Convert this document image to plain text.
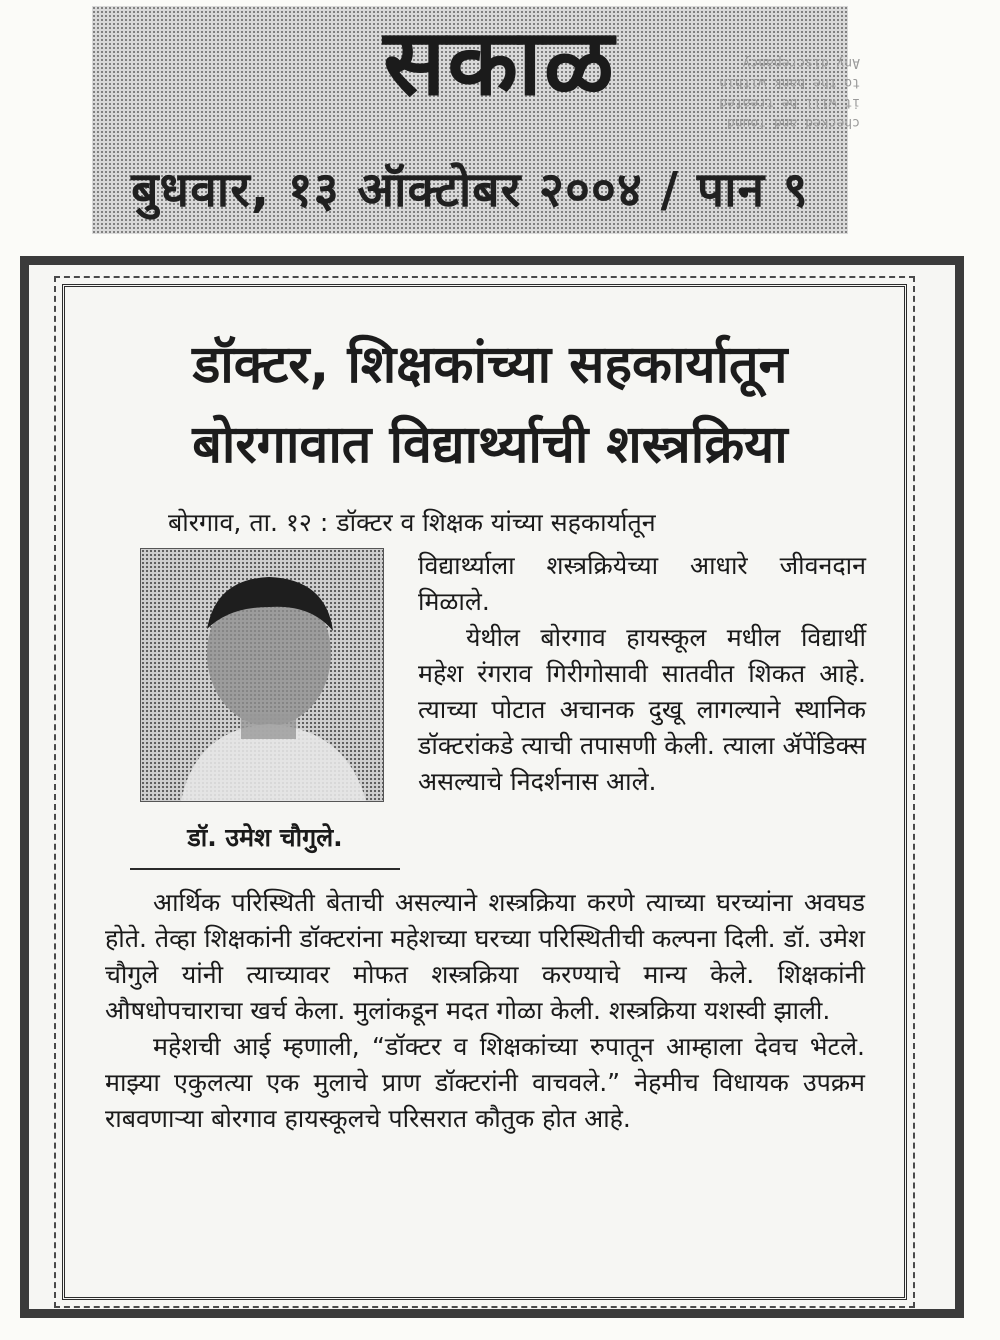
checked and found
it will be treated
to the bank within
Any discrepancy
सकाळ
बुधवार, १३ ऑक्टोबर २००४ / पान ९
डॉक्टर, शिक्षकांच्या सहकार्यातून
बोरगावात विद्यार्थ्याची शस्त्रक्रिया
बोरगाव, ता. १२ : डॉक्टर व शिक्षक यांच्या सहकार्यातून
डॉ. उमेश चौगुले.

विद्यार्थ्याला शस्त्रक्रियेच्या आधारे जीवनदान मिळाले.

येथील बोरगाव हायस्कूल मधील विद्यार्थी महेश रंगराव गिरीगोसावी सातवीत शिकत आहे. त्याच्या पोटात अचानक दुखू लागल्याने स्थानिक डॉक्टरांकडे त्याची तपासणी केली. त्याला ॲपेंडिक्स असल्याचे निदर्शनास आले.

आर्थिक परिस्थिती बेताची असल्याने शस्त्रक्रिया करणे त्याच्या घरच्यांना अवघड होते. तेव्हा शिक्षकांनी डॉक्टरांना महेशच्या घरच्या परिस्थितीची कल्पना दिली. डॉ. उमेश चौगुले यांनी त्याच्यावर मोफत शस्त्रक्रिया करण्याचे मान्य केले. शिक्षकांनी औषधोपचाराचा खर्च केला. मुलांकडून मदत गोळा केली. शस्त्रक्रिया यशस्वी झाली.

महेशची आई म्हणाली, “डॉक्टर व शिक्षकांच्या रुपातून आम्हाला देवच भेटले. माझ्या एकुलत्या एक मुलाचे प्राण डॉक्टरांनी वाचवले.” नेहमीच विधायक उपक्रम राबवणाऱ्या बोरगाव हायस्कूलचे परिसरात कौतुक होत आहे.
